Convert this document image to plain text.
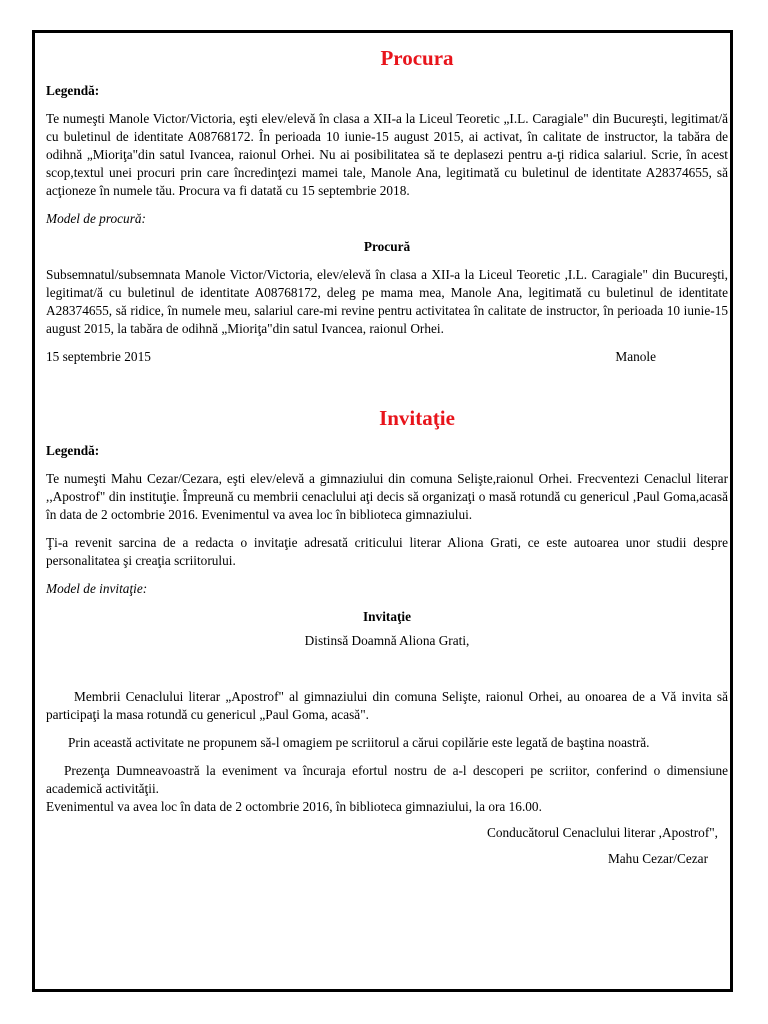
Procura

Legendă:

Te numeşti Manole Victor/Victoria, eşti elev/elevă în clasa a XII-a la Liceul Teoretic „I.L. Caragiale" din Bucureşti, legitimat/ă cu buletinul de identitate A08768172. În perioada 10 iunie-15 august 2015, ai activat, în calitate de instructor, la tabăra de odihnă „Mioriţa"din satul Ivancea, raionul Orhei. Nu ai posibilitatea să te deplasezi pentru a-ţi ridica salariul. Scrie, în acest scop,textul unei procuri prin care încredinţezi mamei tale, Manole Ana, legitimată cu buletinul de identitate A28374655, să acţioneze în numele tău. Procura va fi datată cu 15 septembrie 2018.

Model de procură:

Procură

Subsemnatul/subsemnata Manole Victor/Victoria, elev/elevă în clasa a XII-a la Liceul Teoretic ,I.L. Caragiale" din Bucureşti, legitimat/ă cu buletinul de identitate A08768172, deleg pe mama mea, Manole Ana, legitimată cu buletinul de identitate A28374655, să ridice, în numele meu, salariul care-mi revine pentru activitatea în calitate de instructor, în perioada 10 iunie-15 august 2015, la tabăra de odihnă „Mioriţa"din satul Ivancea, raionul Orhei.

15 septembrie 2015	Manole
Invitaţie

Legendă:

Te numeşti Mahu Cezar/Cezara, eşti elev/elevă a gimnaziului din comuna Selişte,raionul Orhei. Frecventezi Cenaclul literar ,,Apostrof" din instituţie. Împreună cu membrii cenaclului aţi decis să organizaţi o masă rotundă cu genericul ,Paul Goma,acasă în data de 2 octombrie 2016. Evenimentul va avea loc în biblioteca gimnaziului.

Ţi-a revenit sarcina de a redacta o invitaţie adresată criticului literar Aliona Grati, ce este autoarea unor studii despre personalitatea şi creaţia scriitorului.

Model de invitaţie:

Invitaţie

Distinsă Doamnă Aliona Grati,

Membrii Cenaclului literar „Apostrof" al gimnaziului din comuna Selişte, raionul Orhei, au onoarea de a Vă invita să participaţi la masa rotundă cu genericul „Paul Goma, acasă".

Prin această activitate ne propunem să-l omagiem pe scriitorul a cărui copilărie este legată de baştina noastră.

Prezenţa Dumneavoastră la eveniment va încuraja efortul nostru de a-l descoperi pe scriitor, conferind o dimensiune academică activităţii.

Evenimentul va avea loc în data de 2 octombrie 2016, în biblioteca gimnaziului, la ora 16.00.

Conducătorul Cenaclului literar ,Apostrof",

Mahu Cezar/Cezar
